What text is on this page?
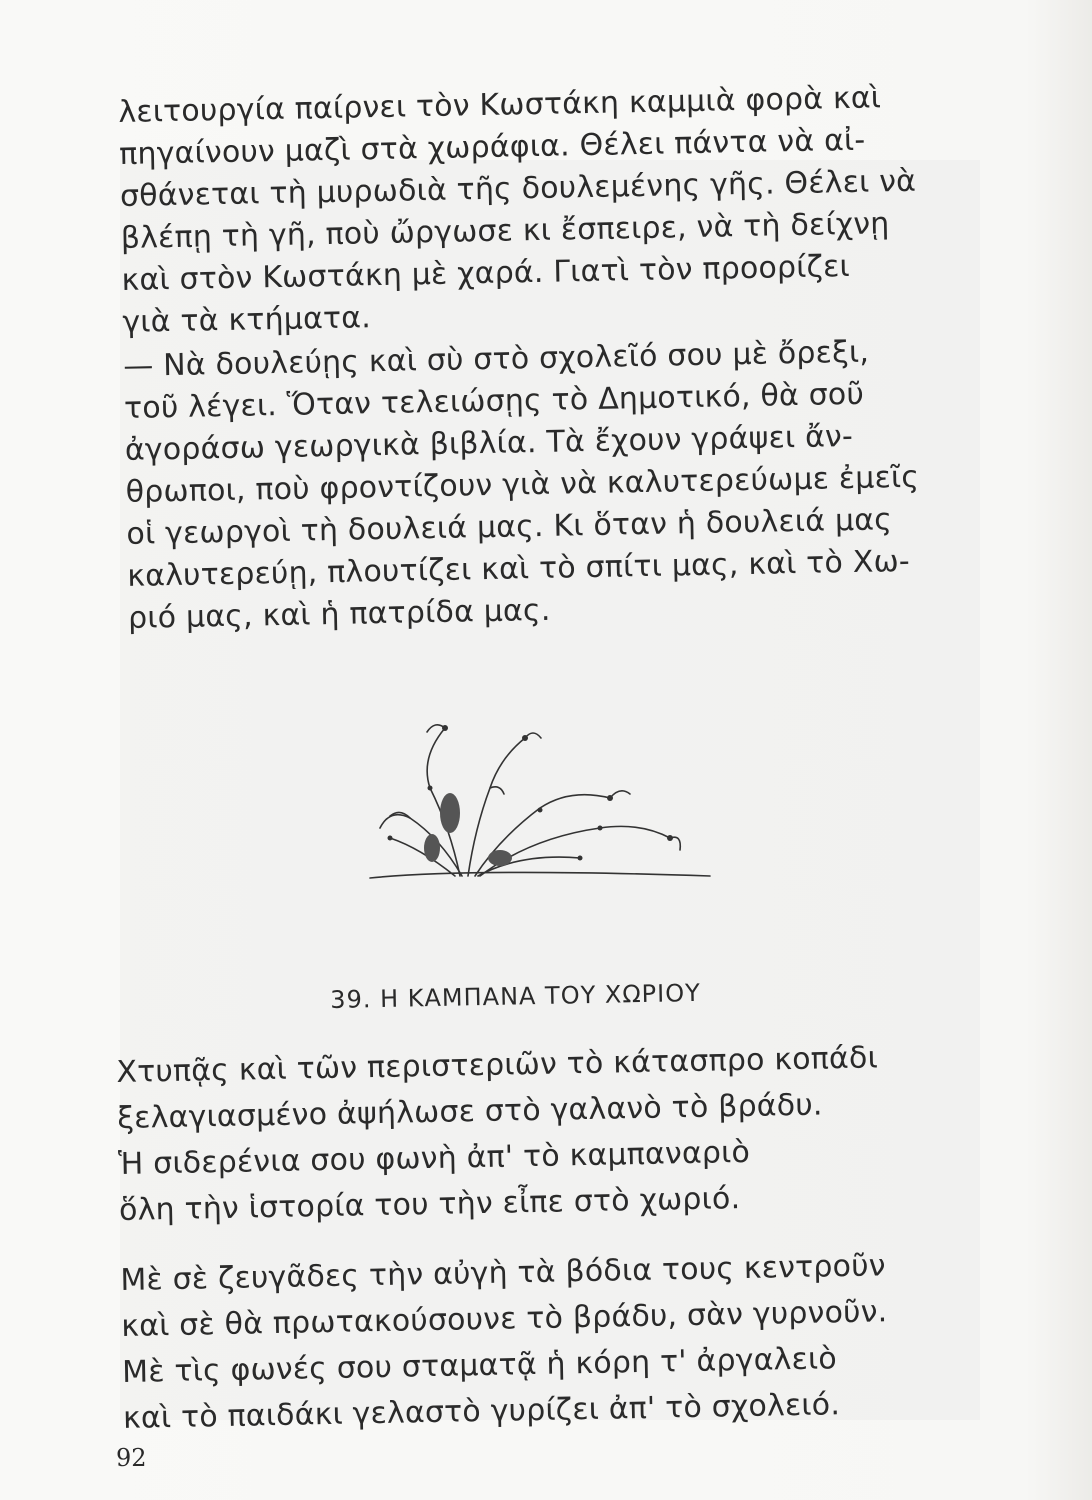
λειτουργία παίρνει τὸν Κωστάκη καμμιὰ φορὰ καὶ
πηγαίνουν μαζὶ στὰ χωράφια. Θέλει πάντα νὰ αἰ-
σθάνεται τὴ μυρωδιὰ τῆς δουλεμένης γῆς. Θέλει νὰ
βλέπῃ τὴ γῆ, ποὺ ὤργωσε κι ἔσπειρε, νὰ τὴ δείχνῃ
καὶ στὸν Κωστάκη μὲ χαρά. Γιατὶ τὸν προορίζει
γιὰ τὰ κτήματα.
— Νὰ δουλεύῃς καὶ σὺ στὸ σχολεῖό σου μὲ ὄρεξι,
τοῦ λέγει. Ὅταν τελειώσῃς τὸ Δημοτικό, θὰ σοῦ
ἀγοράσω γεωργικὰ βιβλία. Τὰ ἔχουν γράψει ἄν-
θρωποι, ποὺ φροντίζουν γιὰ νὰ καλυτερεύωμε ἐμεῖς
οἱ γεωργοὶ τὴ δουλειά μας. Κι ὅταν ἡ δουλειά μας
καλυτερεύῃ, πλουτίζει καὶ τὸ σπίτι μας, καὶ τὸ Χω-
ριό μας, καὶ ἡ πατρίδα μας.
39. Η ΚΑΜΠΑΝΑ ΤΟΥ ΧΩΡΙΟΥ
Χτυπᾷς καὶ τῶν περιστεριῶν τὸ κάτασπρο κοπάδι
ξελαγιασμένο ἀψήλωσε στὸ γαλανὸ τὸ βράδυ.
Ἡ σιδερένια σου φωνὴ ἀπ' τὸ καμπαναριὸ
ὅλη τὴν ἱστορία του τὴν εἶπε στὸ χωριό.
Μὲ σὲ ζευγᾶδες τὴν αὐγὴ τὰ βόδια τους κεντροῦν
καὶ σὲ θὰ πρωτακούσουνε τὸ βράδυ, σὰν γυρνοῦν.
Μὲ τὶς φωνές σου σταματᾷ ἡ κόρη τ' ἀργαλειὸ
καὶ τὸ παιδάκι γελαστὸ γυρίζει ἀπ' τὸ σχολειό.
92
